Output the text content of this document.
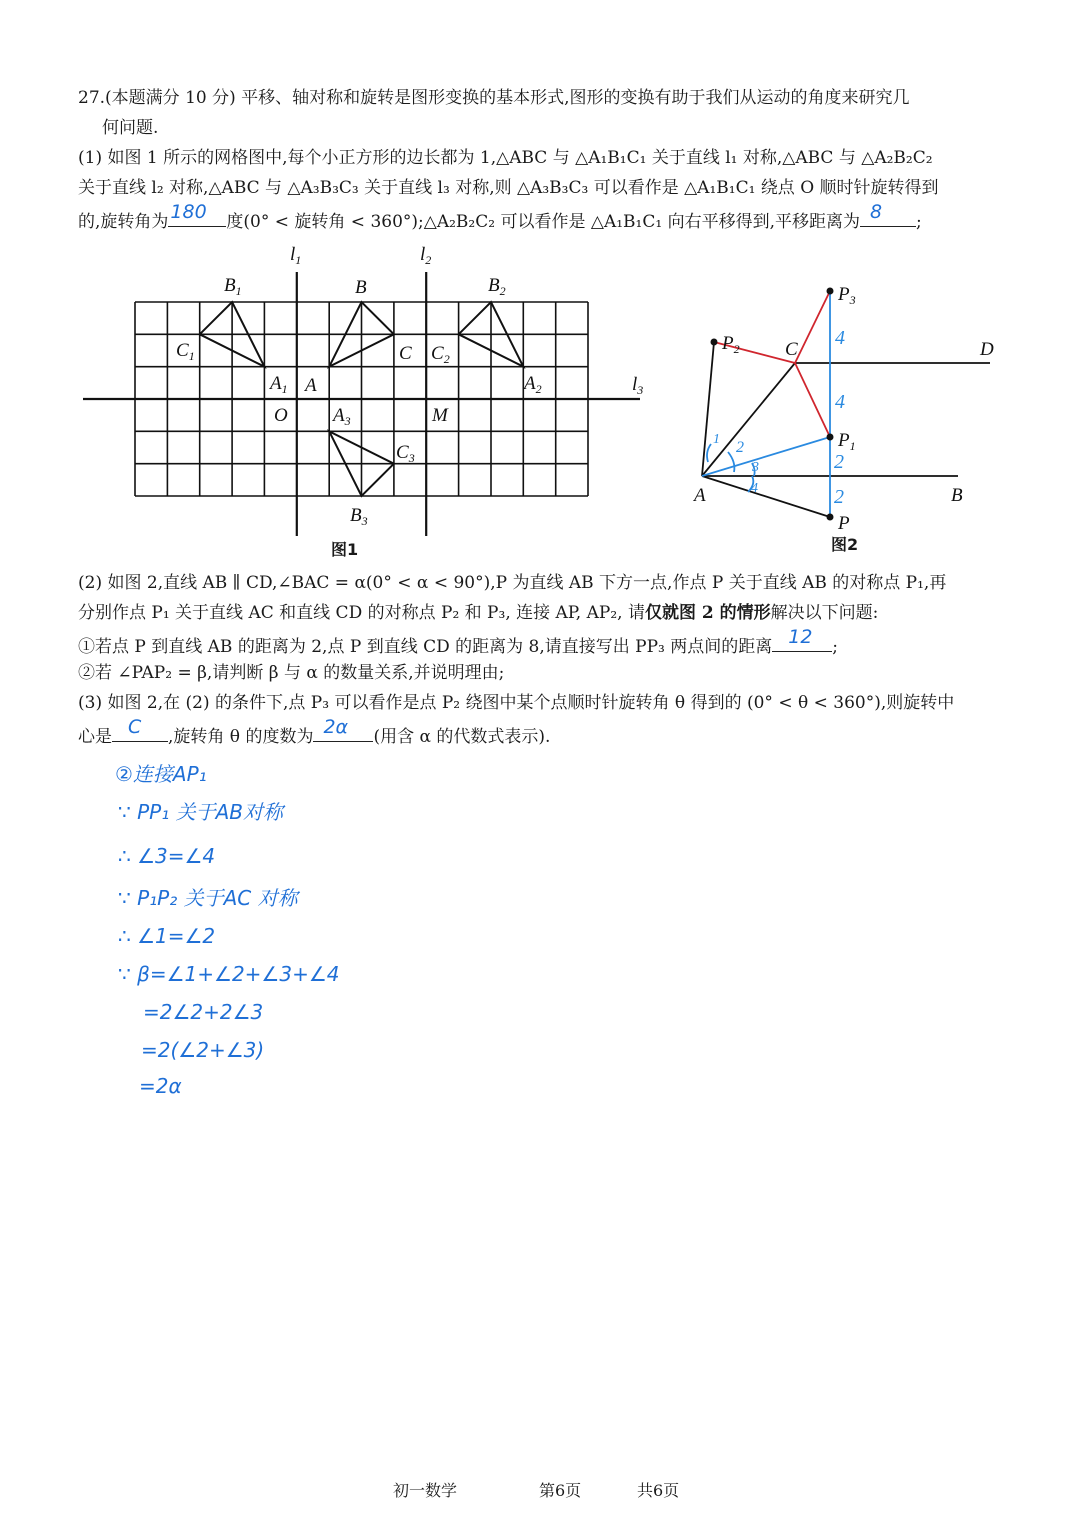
27.(本题满分 10 分) 平移、轴对称和旋转是图形变换的基本形式,图形的变换有助于我们从运动的角度来研究几
何问题.
(1) 如图 1 所示的网格图中,每个小正方形的边长都为 1,△ABC 与 △A₁B₁C₁ 关于直线 l₁ 对称,△ABC 与 △A₂B₂C₂
关于直线 l₂ 对称,△ABC 与 △A₃B₃C₃ 关于直线 l₃ 对称,则 △A₃B₃C₃ 可以看作是 △A₁B₁C₁ 绕点 O 顺时针旋转得到
的,旋转角为 180 度(0° < 旋转角 < 360°);△A₂B₂C₂ 可以看作是 △A₁B₁C₁ 向右平移得到,平移距离为 8 ;
$l_1$	$l_2$
$l_3$
$B_1$	B	$B_2$
$C_1$	C $C_2$
$A_1$ A	$A_2$
O $A_3$	M
$C_3$
$B_3$
图1
$P_3$
$P_2$ C	D
$P_1$
A	B
P
4
4
2
2
1 2
3
4
图2
(2) 如图 2,直线 AB ∥ CD,∠BAC = α(0° < α < 90°),P 为直线 AB 下方一点,作点 P 关于直线 AB 的对称点 P₁,再
分别作点 P₁ 关于直线 AC 和直线 CD 的对称点 P₂ 和 P₃, 连接 AP, AP₂, 请仅就图 2 的情形解决以下问题:
①若点 P 到直线 AB 的距离为 2,点 P 到直线 CD 的距离为 8,请直接写出 PP₃ 两点间的距离 12 ;
②若 ∠PAP₂ = β,请判断 β 与 α 的数量关系,并说明理由;
(3) 如图 2,在 (2) 的条件下,点 P₃ 可以看作是点 P₂ 绕图中某个点顺时针旋转角 θ 得到的 (0° < θ < 360°),则旋转中
心是 C ,旋转角 θ 的度数为 2α (用含 α 的代数式表示).
②连接AP₁
∵ PP₁ 关于AB对称
∴ ∠3=∠4
∵ P₁P₂ 关于AC 对称
∴ ∠1=∠2
∵ β=∠1+∠2+∠3+∠4
=2∠2+2∠3
=2(∠2+∠3)
=2α
初一数学	第6页	共6页
